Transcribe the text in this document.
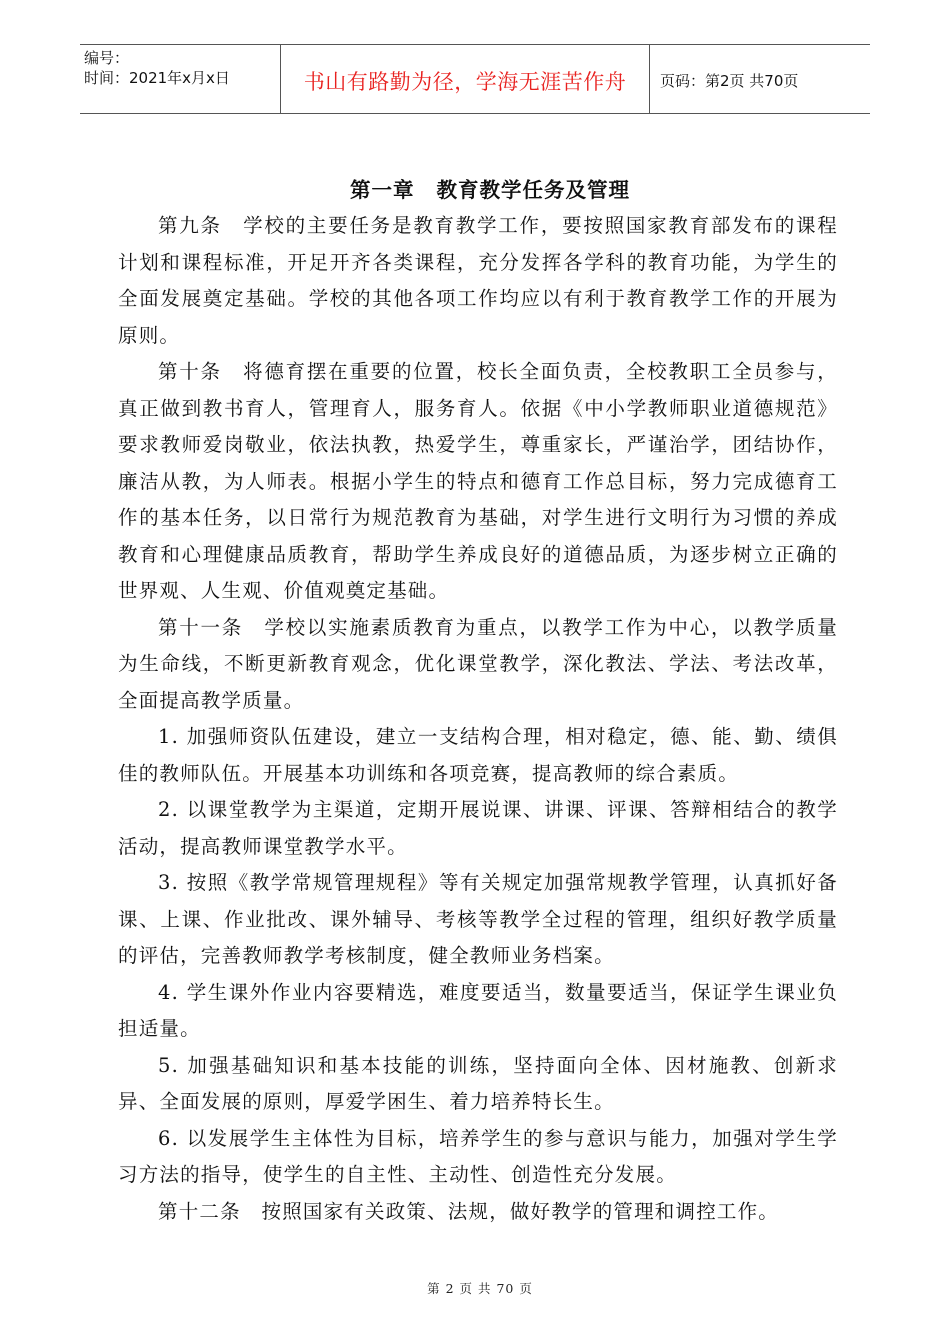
编号：
时间：2021年x月x日	书山有路勤为径，学海无涯苦作舟	页码：第2页 共70页
第一章 教育教学任务及管理

第九条　学校的主要任务是教育教学工作，要按照国家教育部发布的课程计划和课程标准，开足开齐各类课程，充分发挥各学科的教育功能，为学生的全面发展奠定基础。学校的其他各项工作均应以有利于教育教学工作的开展为原则。

第十条　将德育摆在重要的位置，校长全面负责，全校教职工全员参与，真正做到教书育人，管理育人，服务育人。依据《中小学教师职业道德规范》要求教师爱岗敬业，依法执教，热爱学生，尊重家长，严谨治学，团结协作，廉洁从教，为人师表。根据小学生的特点和德育工作总目标，努力完成德育工作的基本任务，以日常行为规范教育为基础，对学生进行文明行为习惯的养成教育和心理健康品质教育，帮助学生养成良好的道德品质，为逐步树立正确的世界观、人生观、价值观奠定基础。

第十一条　学校以实施素质教育为重点，以教学工作为中心，以教学质量为生命线，不断更新教育观念，优化课堂教学，深化教法、学法、考法改革，全面提高教学质量。

1. 加强师资队伍建设，建立一支结构合理，相对稳定，德、能、勤、绩俱佳的教师队伍。开展基本功训练和各项竞赛，提高教师的综合素质。

2. 以课堂教学为主渠道，定期开展说课、讲课、评课、答辩相结合的教学活动，提高教师课堂教学水平。

3. 按照《教学常规管理规程》等有关规定加强常规教学管理，认真抓好备课、上课、作业批改、课外辅导、考核等教学全过程的管理，组织好教学质量的评估，完善教师教学考核制度，健全教师业务档案。

4. 学生课外作业内容要精选，难度要适当，数量要适当，保证学生课业负担适量。

5. 加强基础知识和基本技能的训练，坚持面向全体、因材施教、创新求异、全面发展的原则，厚爱学困生、着力培养特长生。

6. 以发展学生主体性为目标，培养学生的参与意识与能力，加强对学生学习方法的指导，使学生的自主性、主动性、创造性充分发展。

第十二条　按照国家有关政策、法规，做好教学的管理和调控工作。

第 2 页 共 70 页
